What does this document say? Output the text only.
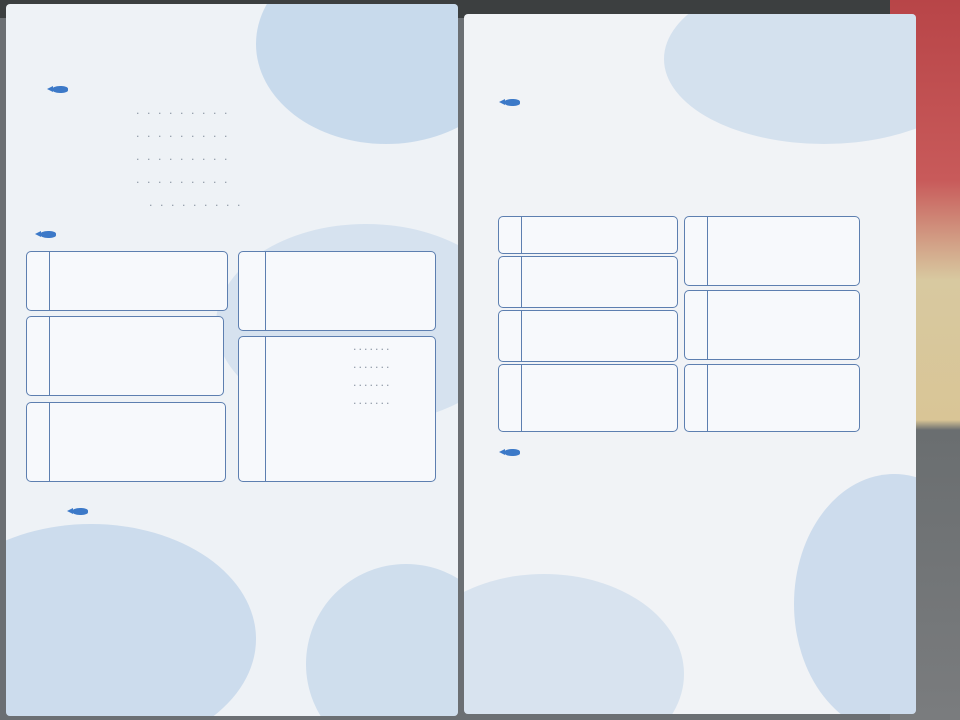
· · · · · · · · ·
· · · · · · · · ·
· · · · · · · · ·
· · · · · · · · ·
· · · · · · · · ·
·······
·······
·······
·······
